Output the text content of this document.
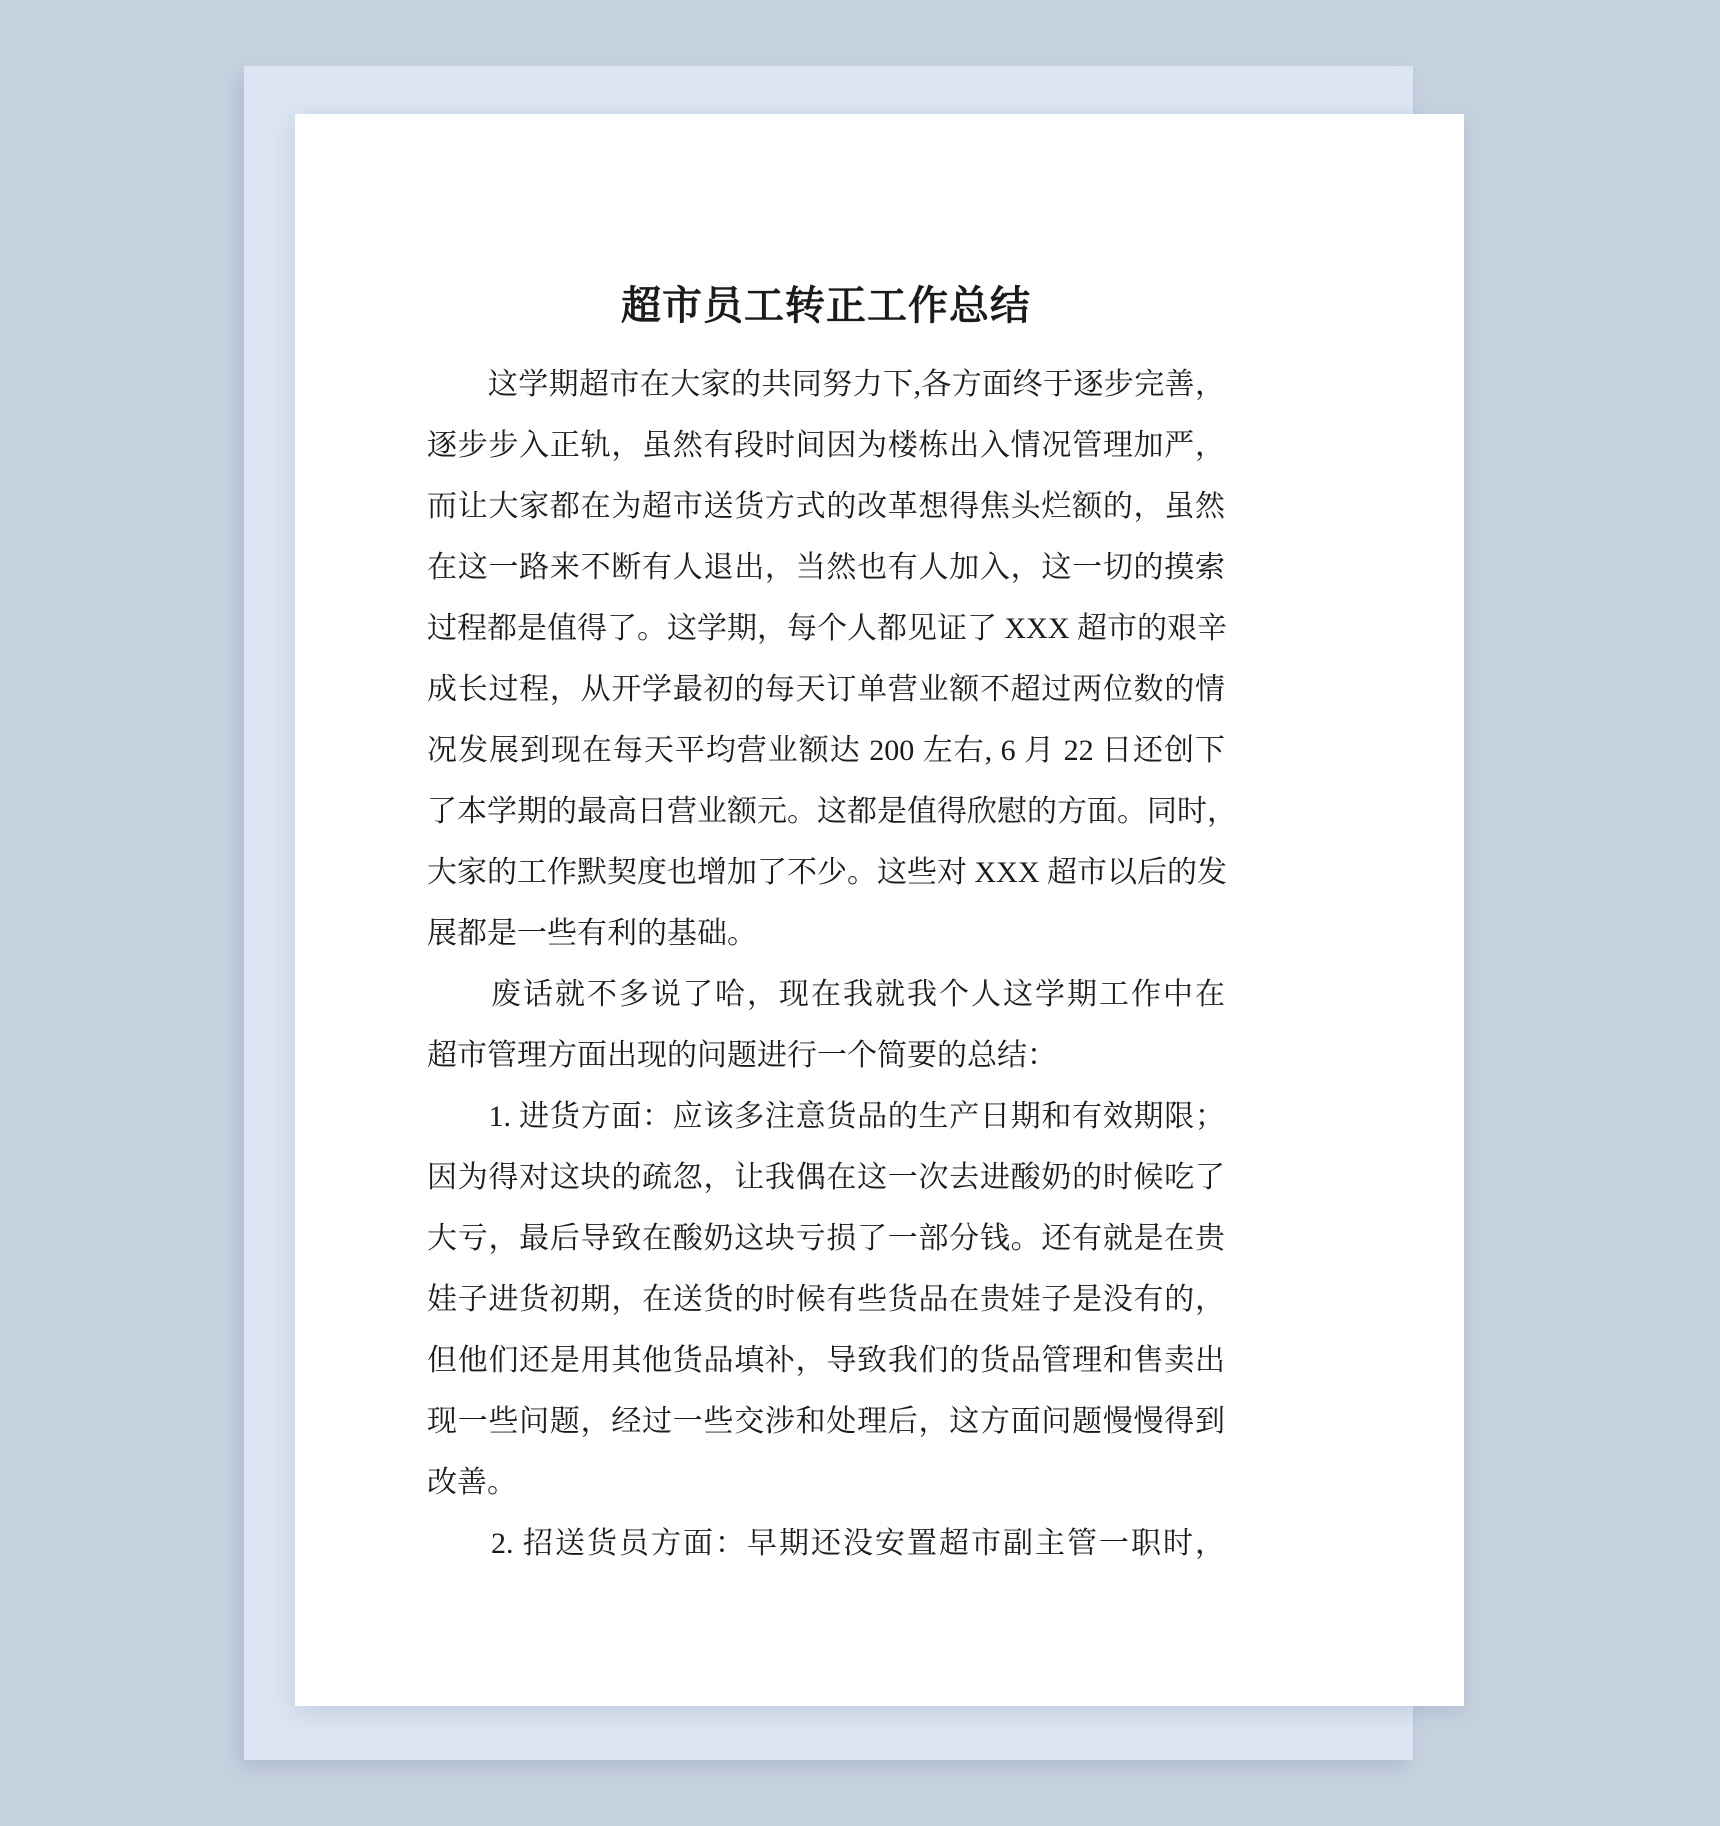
超市员工转正工作总结
　　这学期超市在大家的共同努力下,各方面终于逐步完善，
逐步步入正轨，虽然有段时间因为楼栋出入情况管理加严，
而让大家都在为超市送货方式的改革想得焦头烂额的，虽然
在这一路来不断有人退出，当然也有人加入，这一切的摸索
过程都是值得了。这学期，每个人都见证了 XXX 超市的艰辛
成长过程，从开学最初的每天订单营业额不超过两位数的情
况发展到现在每天平均营业额达 200 左右, 6 月 22 日还创下
了本学期的最高日营业额元。这都是值得欣慰的方面。同时，
大家的工作默契度也增加了不少。这些对 XXX 超市以后的发
展都是一些有利的基础。
　　废话就不多说了哈，现在我就我个人这学期工作中在
超市管理方面出现的问题进行一个简要的总结：
　　1. 进货方面：应该多注意货品的生产日期和有效期限；
因为得对这块的疏忽，让我偶在这一次去进酸奶的时候吃了
大亏，最后导致在酸奶这块亏损了一部分钱。还有就是在贵
娃子进货初期，在送货的时候有些货品在贵娃子是没有的，
但他们还是用其他货品填补，导致我们的货品管理和售卖出
现一些问题，经过一些交涉和处理后，这方面问题慢慢得到
改善。
　　2. 招送货员方面：早期还没安置超市副主管一职时，
